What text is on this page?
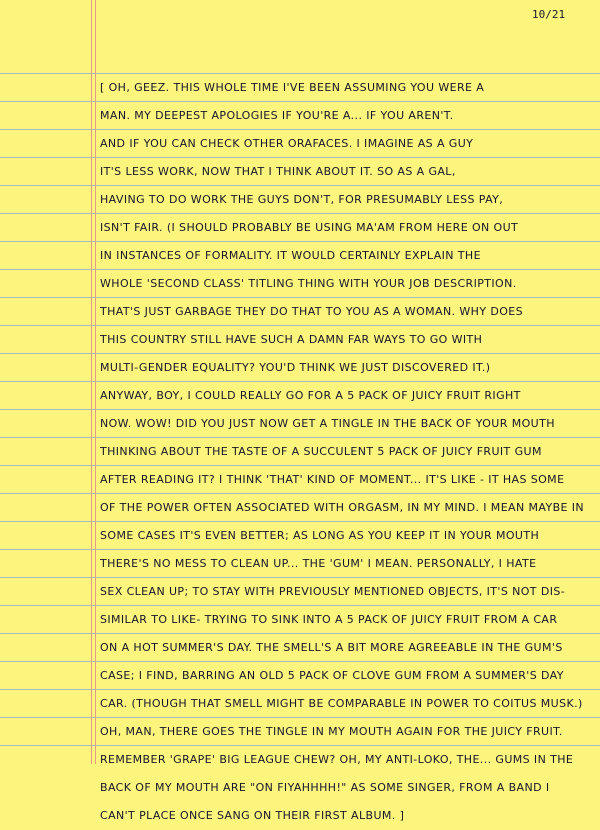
10/21
[ OH, GEEZ. THIS WHOLE TIME I'VE BEEN ASSUMING YOU WERE A
MAN. MY DEEPEST APOLOGIES IF YOU'RE A... IF YOU AREN'T.
AND IF YOU CAN CHECK OTHER ORAFACES. I IMAGINE AS A GUY
IT'S LESS WORK, NOW THAT I THINK ABOUT IT. SO AS A GAL,
HAVING TO DO WORK THE GUYS DON'T, FOR PRESUMABLY LESS PAY,
ISN'T FAIR. (I SHOULD PROBABLY BE USING MA'AM FROM HERE ON OUT
IN INSTANCES OF FORMALITY. IT WOULD CERTAINLY EXPLAIN THE
WHOLE 'SECOND CLASS' TITLING THING WITH YOUR JOB DESCRIPTION.
THAT'S JUST GARBAGE THEY DO THAT TO YOU AS A WOMAN. WHY DOES
THIS COUNTRY STILL HAVE SUCH A DAMN FAR WAYS TO GO WITH
MULTI-GENDER EQUALITY? YOU'D THINK WE JUST DISCOVERED IT.)
ANYWAY, BOY, I COULD REALLY GO FOR A 5 PACK OF JUICY FRUIT RIGHT
NOW. WOW! DID YOU JUST NOW GET A TINGLE IN THE BACK OF YOUR MOUTH
THINKING ABOUT THE TASTE OF A SUCCULENT 5 PACK OF JUICY FRUIT GUM
AFTER READING IT? I THINK 'THAT' KIND OF MOMENT... IT'S LIKE - IT HAS SOME
OF THE POWER OFTEN ASSOCIATED WITH ORGASM, IN MY MIND. I MEAN MAYBE IN
SOME CASES IT'S EVEN BETTER; AS LONG AS YOU KEEP IT IN YOUR MOUTH
THERE'S NO MESS TO CLEAN UP... THE 'GUM' I MEAN. PERSONALLY, I HATE
SEX CLEAN UP; TO STAY WITH PREVIOUSLY MENTIONED OBJECTS, IT'S NOT DIS-
SIMILAR TO LIKE- TRYING TO SINK INTO A 5 PACK OF JUICY FRUIT FROM A CAR
ON A HOT SUMMER'S DAY. THE SMELL'S A BIT MORE AGREEABLE IN THE GUM'S
CASE; I FIND, BARRING AN OLD 5 PACK OF CLOVE GUM FROM A SUMMER'S DAY
CAR. (THOUGH THAT SMELL MIGHT BE COMPARABLE IN POWER TO COITUS MUSK.)
OH, MAN, THERE GOES THE TINGLE IN MY MOUTH AGAIN FOR THE JUICY FRUIT.
REMEMBER 'GRAPE' BIG LEAGUE CHEW? OH, MY ANTI-LOKO, THE... GUMS IN THE
BACK OF MY MOUTH ARE "ON FIYAHHHH!" AS SOME SINGER, FROM A BAND I
CAN'T PLACE ONCE SANG ON THEIR FIRST ALBUM. ]
